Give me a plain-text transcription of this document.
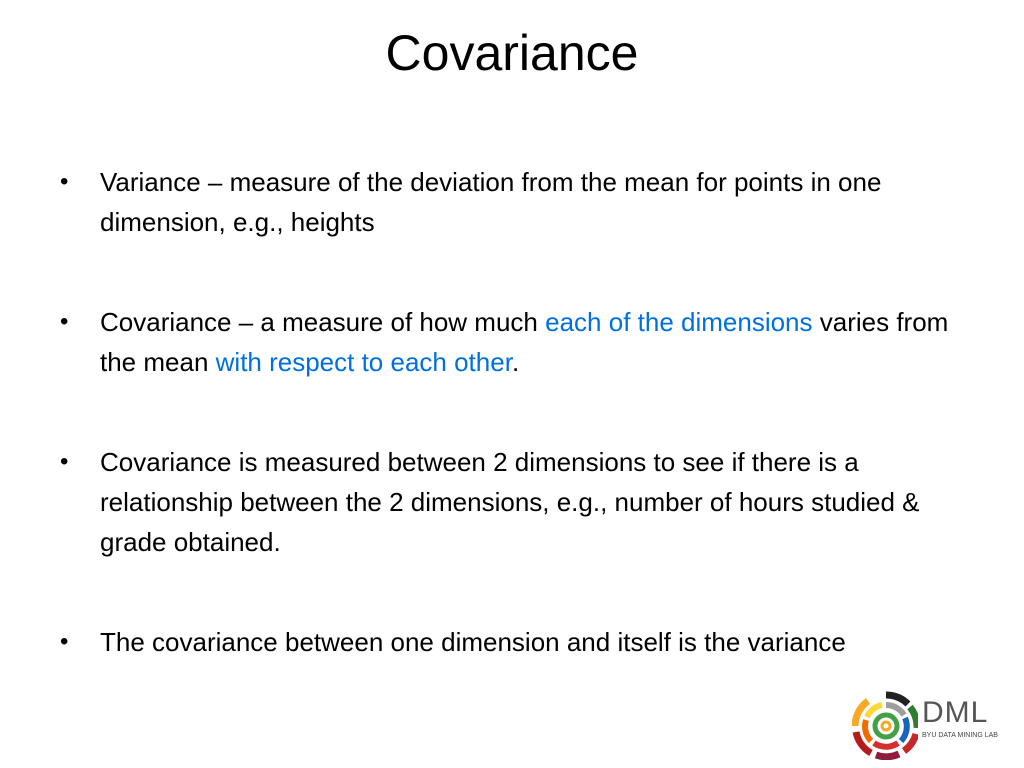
Covariance
• Variance – measure of the deviation from the mean for points in one dimension, e.g., heights
• Covariance – a measure of how much each of the dimensions varies from the mean with respect to each other.
• Covariance is measured between 2 dimensions to see if there is a relationship between the 2 dimensions, e.g., number of hours studied & grade obtained.
• The covariance between one dimension and itself is the variance
DML
BYU DATA MINING LAB
